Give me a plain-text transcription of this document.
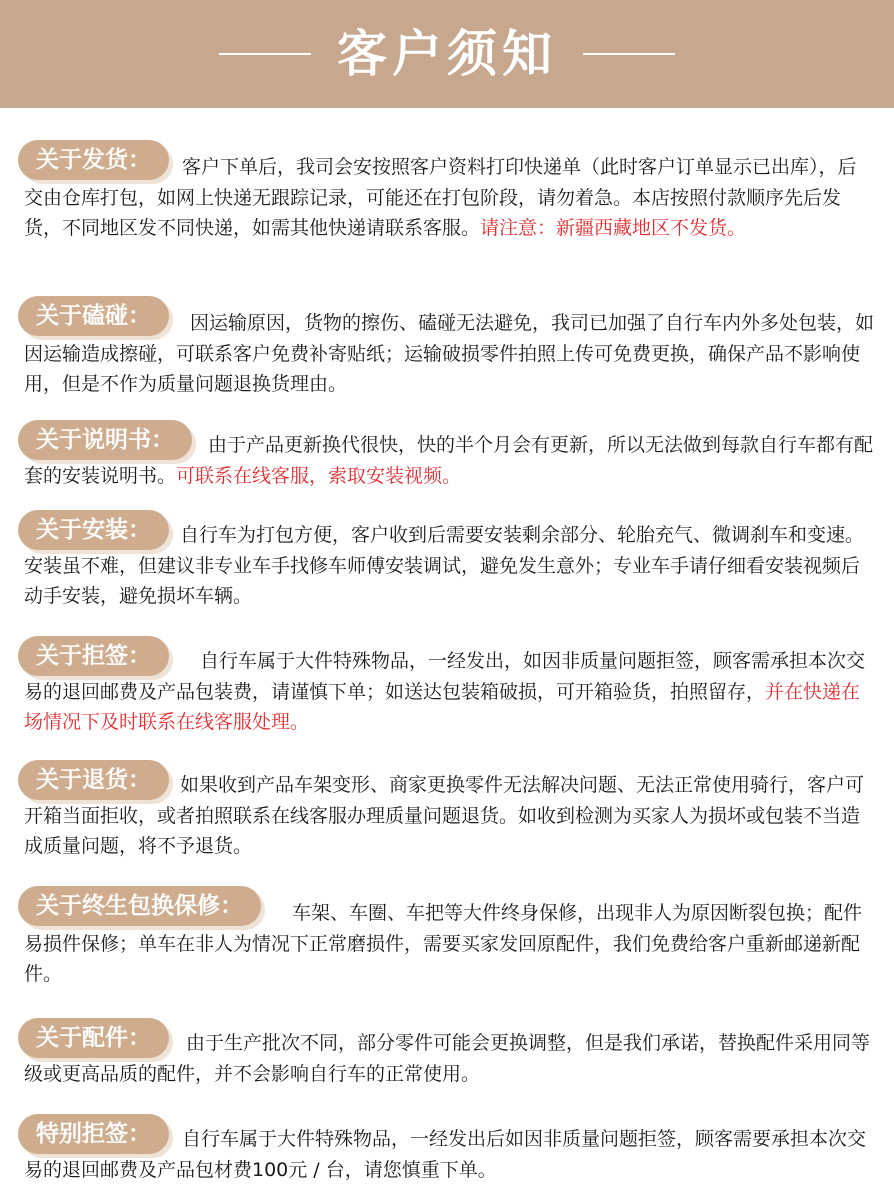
客户须知
关于发货：	客户下单后，我司会安按照客户资料打印快递单（此时客户订单显示已出库），后交由仓库打包，如网上快递无跟踪记录，可能还在打包阶段，请勿着急。本店按照付款顺序先后发货，不同地区发不同快递，如需其他快递请联系客服。请注意：新疆西藏地区不发货。

关于磕碰：	因运输原因，货物的擦伤、磕碰无法避免，我司已加强了自行车内外多处包装，如因运输造成擦碰，可联系客户免费补寄贴纸；运输破损零件拍照上传可免费更换，确保产品不影响使用，但是不作为质量问题退换货理由。

关于说明书：	由于产品更新换代很快，快的半个月会有更新，所以无法做到每款自行车都有配套的安装说明书。可联系在线客服，索取安装视频。

关于安装：	自行车为打包方便，客户收到后需要安装剩余部分、轮胎充气、微调刹车和变速。安装虽不难，但建议非专业车手找修车师傅安装调试，避免发生意外；专业车手请仔细看安装视频后动手安装，避免损坏车辆。

关于拒签：	自行车属于大件特殊物品，一经发出，如因非质量问题拒签，顾客需承担本次交易的退回邮费及产品包装费，请谨慎下单；如送达包装箱破损，可开箱验货，拍照留存，并在快递在场情况下及时联系在线客服处理。

关于退货：	如果收到产品车架变形、商家更换零件无法解决问题、无法正常使用骑行，客户可开箱当面拒收，或者拍照联系在线客服办理质量问题退货。如收到检测为买家人为损坏或包装不当造成质量问题，将不予退货。

关于终生包换保修：	车架、车圈、车把等大件终身保修，出现非人为原因断裂包换；配件易损件保修；单车在非人为情况下正常磨损件，需要买家发回原配件，我们免费给客户重新邮递新配件。

关于配件：	由于生产批次不同，部分零件可能会更换调整，但是我们承诺，替换配件采用同等级或更高品质的配件，并不会影响自行车的正常使用。

特别拒签：	自行车属于大件特殊物品，一经发出后如因非质量问题拒签，顾客需要承担本次交易的退回邮费及产品包材费100元 / 台，请您慎重下单。
